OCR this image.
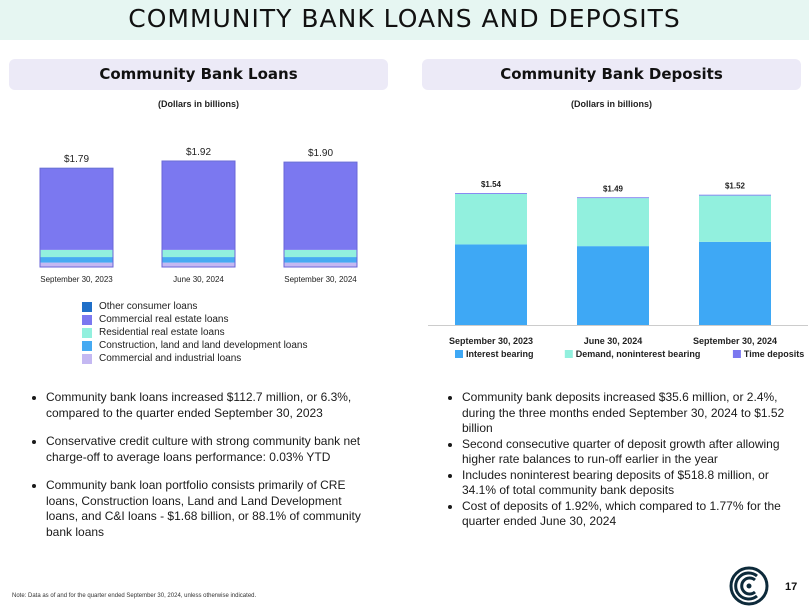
COMMUNITY BANK LOANS AND DEPOSITS
Community Bank Loans
(Dollars in billions)
$1.79
September 30, 2023
$1.92
June 30, 2024
$1.90
September 30, 2024
Other consumer loans
Commercial real estate loans
Residential real estate loans
Construction, land and land development loans
Commercial and industrial loans
Community Bank Deposits
(Dollars in billions)
$1.54
September 30, 2023
$1.49
June 30, 2024
$1.52
September 30, 2024
Interest bearing	Demand, noninterest bearing	Time deposits
• Community bank loans increased $112.7 million, or 6.3%, compared to the quarter ended September 30, 2023
• Conservative credit culture with strong community bank net charge-off to average loans performance: 0.03% YTD
• Community bank loan portfolio consists primarily of CRE loans, Construction loans, Land and Land Development loans, and C&I loans - $1.68 billion, or 88.1% of community bank loans
• Community bank deposits increased $35.6 million, or 2.4%, during the three months ended September 30, 2024 to $1.52 billion
• Second consecutive quarter of deposit growth after allowing higher rate balances to run-off earlier in the year
• Includes noninterest bearing deposits of $518.8 million, or 34.1% of total community bank deposits
• Cost of deposits of 1.92%, which compared to 1.77% for the quarter ended June 30, 2024
Note: Data as of and for the quarter ended September 30, 2024, unless otherwise indicated.
17
